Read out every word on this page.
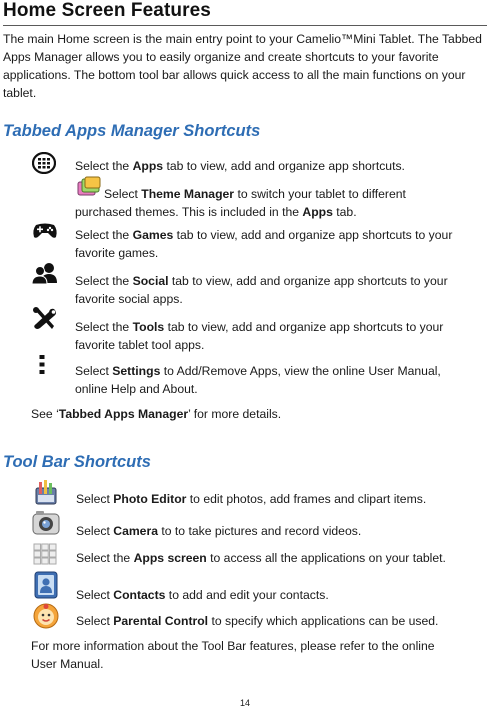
Home Screen Features

The main Home screen is the main entry point to your Camelio™Mini Tablet. The Tabbed Apps Manager allows you to easily organize and create shortcuts to your favorite applications. The bottom tool bar allows quick access to all the main functions on your tablet.

Tabbed Apps Manager Shortcuts
Select the Apps tab to view, add and organize app shortcuts.
Select Theme Manager to switch your tablet to different
purchased themes. This is included in the Apps tab.
Select the Games tab to view, add and organize app shortcuts to your
favorite games.
Select the Social tab to view, add and organize app shortcuts to your
favorite social apps.
Select the Tools tab to view, add and organize app shortcuts to your
favorite tablet tool apps.
Select Settings to Add/Remove Apps, view the online User Manual,
online Help and About.
See ‘Tabbed Apps Manager’ for more details.
Tool Bar Shortcuts
Select Photo Editor to edit photos, add frames and clipart items.
Select Camera to to take pictures and record videos.
Select the Apps screen to access all the applications on your tablet.
Select Contacts to add and edit your contacts.
Select Parental Control to specify which applications can be used.
For more information about the Tool Bar features, please refer to the online
User Manual.
14
